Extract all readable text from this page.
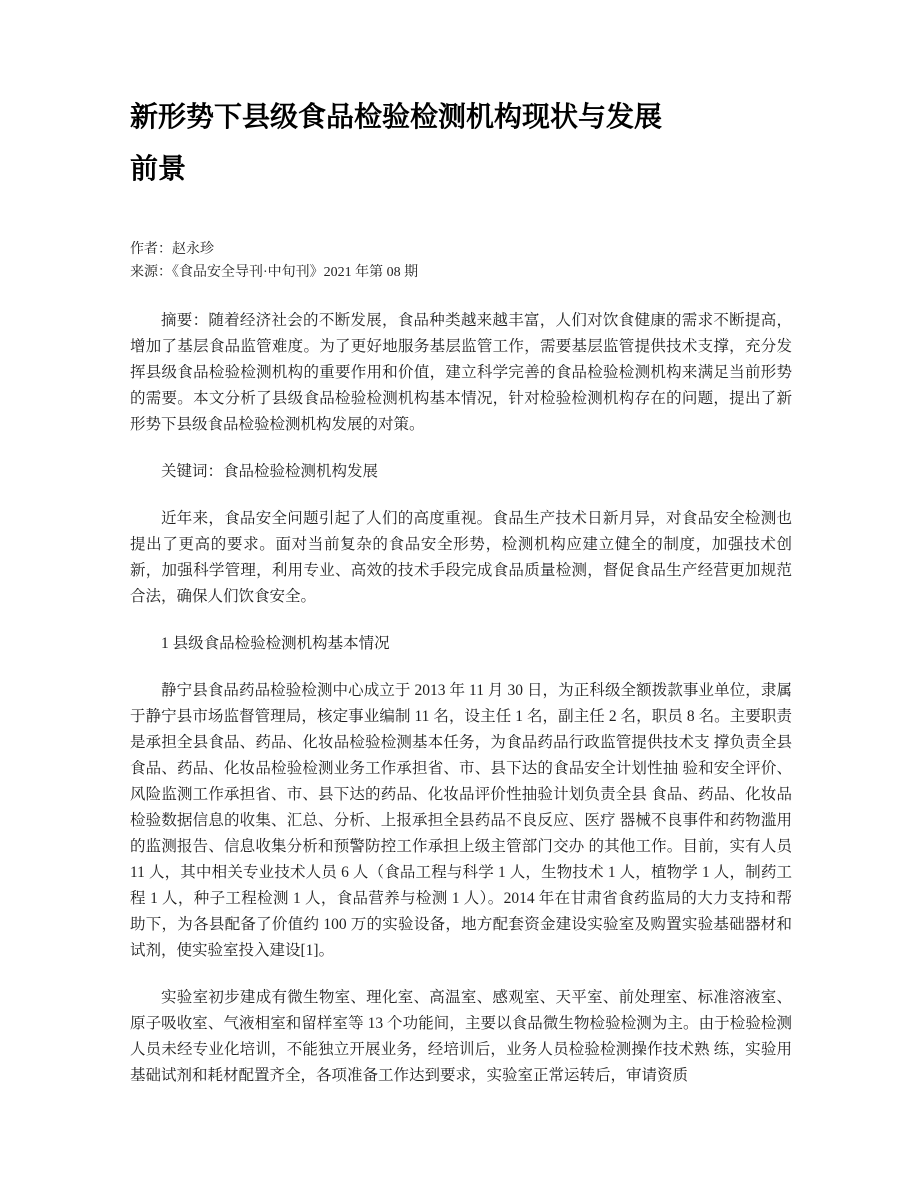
新形势下县级食品检验检测机构现状与发展前景
作者：赵永珍
来源：《食品安全导刊·中旬刊》2021 年第 08 期

摘要：随着经济社会的不断发展，食品种类越来越丰富，人们对饮食健康的需求不断提高，增加了基层食品监管难度。为了更好地服务基层监管工作，需要基层监管提供技术支撑，充分发挥县级食品检验检测机构的重要作用和价值，建立科学完善的食品检验检测机构来满足当前形势的需要。本文分析了县级食品检验检测机构基本情况，针对检验检测机构存在的问题，提出了新形势下县级食品检验检测机构发展的对策。

关键词：食品检验检测机构发展

近年来，食品安全问题引起了人们的高度重视。食品生产技术日新月异，对食品安全检测也提出了更高的要求。面对当前复杂的食品安全形势，检测机构应建立健全的制度，加强技术创新，加强科学管理，利用专业、高效的技术手段完成食品质量检测，督促食品生产经营更加规范合法，确保人们饮食安全。

1 县级食品检验检测机构基本情况

静宁县食品药品检验检测中心成立于 2013 年 11 月 30 日，为正科级全额拨款事业单位，隶属于静宁县市场监督管理局，核定事业编制 11 名，设主任 1 名，副主任 2 名，职员 8 名。主要职责是承担全县食品、药品、化妆品检验检测基本任务，为食品药品行政监管提供技术支 撑负责全县食品、药品、化妆品检验检测业务工作承担省、市、县下达的食品安全计划性抽 验和安全评价、风险监测工作承担省、市、县下达的药品、化妆品评价性抽验计划负责全县 食品、药品、化妆品检验数据信息的收集、汇总、分析、上报承担全县药品不良反应、医疗 器械不良事件和药物滥用的监测报告、信息收集分析和预警防控工作承担上级主管部门交办 的其他工作。目前，实有人员 11 人，其中相关专业技术人员 6 人（食品工程与科学 1 人，生物技术 1 人，植物学 1 人，制药工程 1 人，种子工程检测 1 人，食品营养与检测 1 人）。2014 年在甘肃省食药监局的大力支持和帮助下，为各县配备了价值约 100 万的实验设备，地方配套资金建设实验室及购置实验基础器材和试剂，使实验室投入建设[1]。

实验室初步建成有微生物室、理化室、高温室、感观室、天平室、前处理室、标准溶液室、原子吸收室、气液相室和留样室等 13 个功能间，主要以食品微生物检验检测为主。由于检验检测人员未经专业化培训，不能独立开展业务，经培训后，业务人员检验检测操作技术熟 练，实验用基础试剂和耗材配置齐全，各项准备工作达到要求，实验室正常运转后，审请资质
